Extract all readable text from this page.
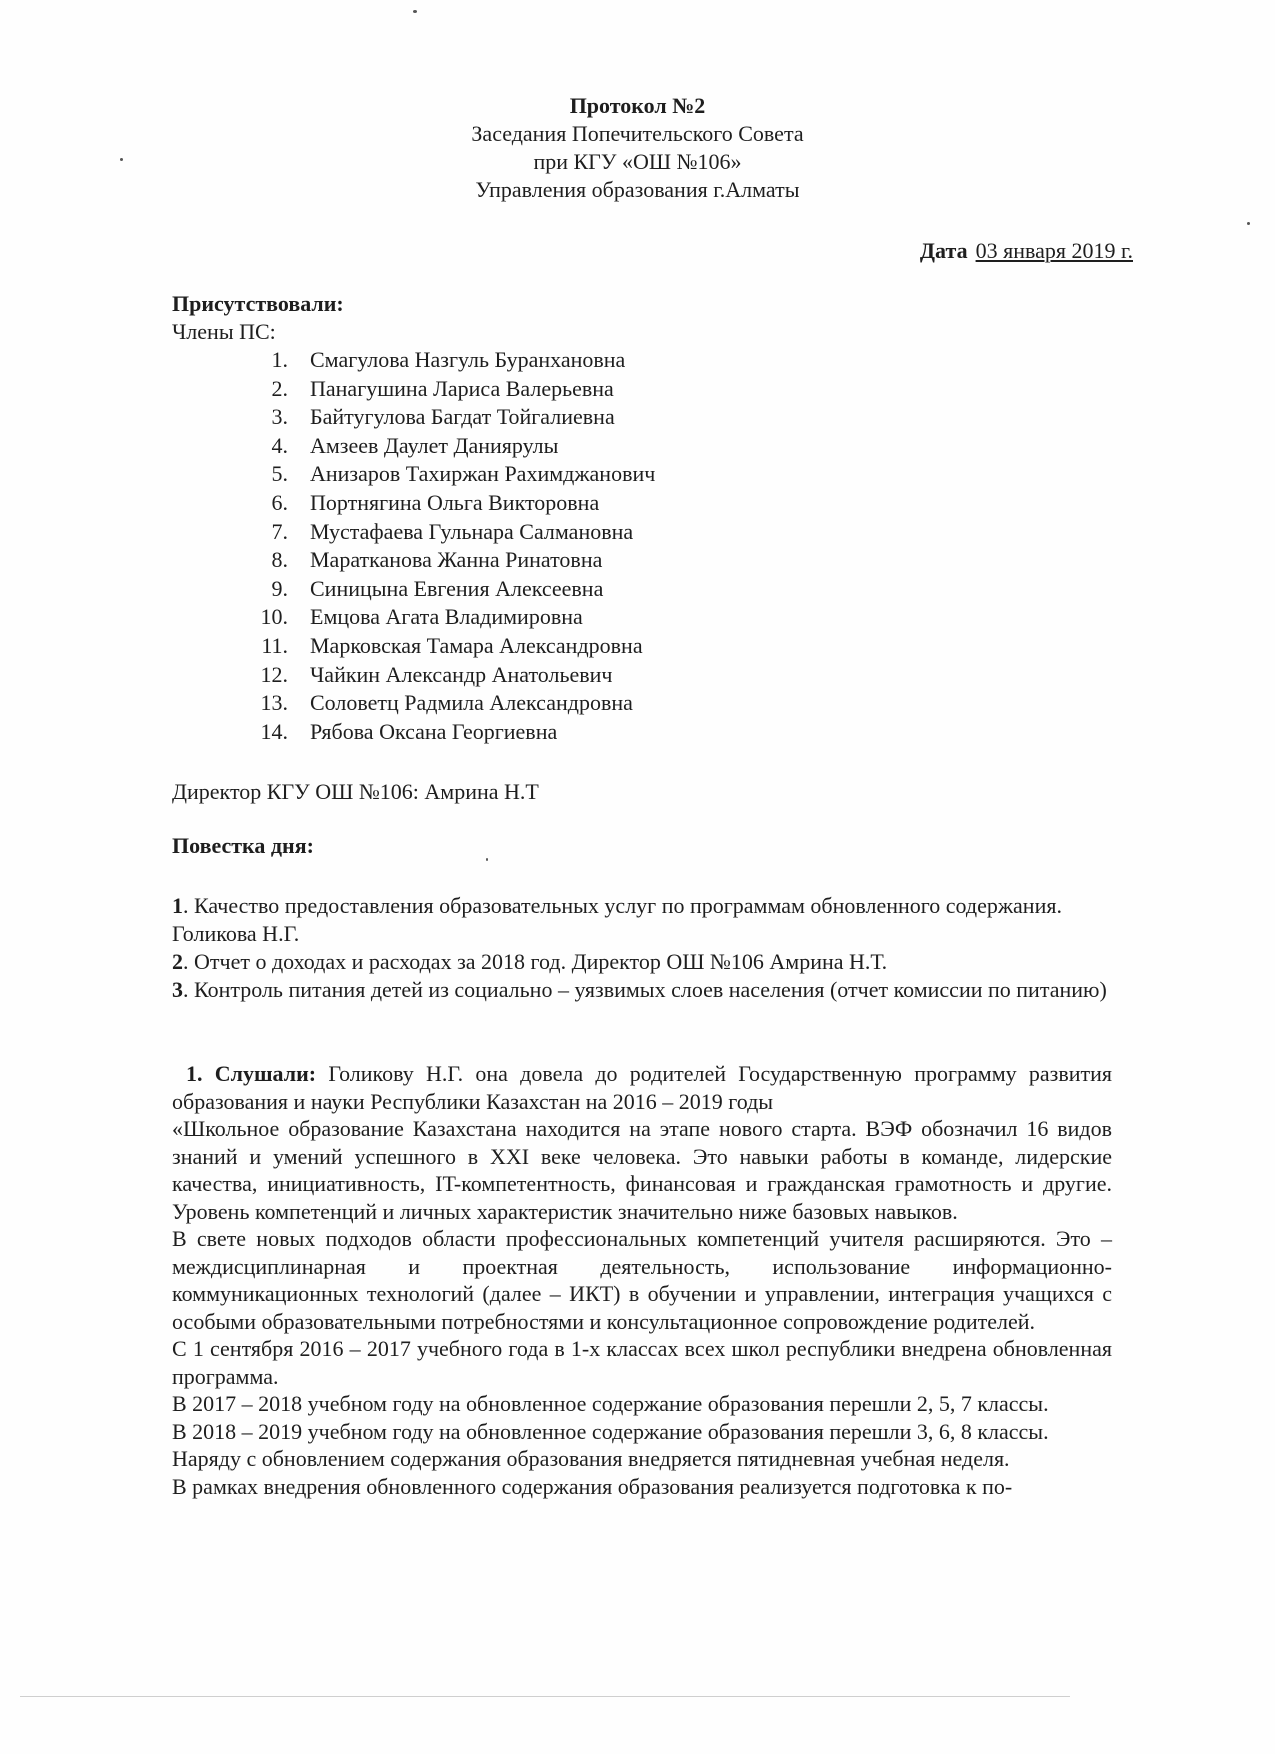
Протокол №2
Заседания Попечительского Совета
при КГУ «ОШ №106»
Управления образования г.Алматы
Дата 03 января 2019 г.
Присутствовали:
Члены ПС:
1.	Смагулова Назгуль Буранхановна
2.	Панагушина Лариса Валерьевна
3.	Байтугулова Багдат Тойгалиевна
4.	Амзеев Даулет Даниярулы
5.	Анизаров Тахиржан Рахимджанович
6.	Портнягина Ольга Викторовна
7.	Мустафаева Гульнара Салмановна
8.	Маратканова Жанна Ринатовна
9.	Синицына Евгения Алексеевна
10.	Емцова Агата Владимировна
11.	Марковская Тамара Александровна
12.	Чайкин Александр Анатольевич
13.	Соловетц Радмила Александровна
14.	Рябова Оксана Георгиевна
Директор КГУ ОШ №106: Амрина Н.Т
Повестка дня:

1. Качество предоставления образовательных услуг по программам обновленного содержания. Голикова Н.Г.

2. Отчет о доходах и расходах за 2018 год. Директор ОШ №106 Амрина Н.Т.

3. Контроль питания детей из социально – уязвимых слоев населения (отчет комиссии по питанию)

1. Слушали: Голикову Н.Г. она довела до родителей Государственную программу развития образования и науки Республики Казахстан на 2016 – 2019 годы

«Школьное образование Казахстана находится на этапе нового старта. ВЭФ обозначил 16 видов знаний и умений успешного в XXI веке человека. Это навыки работы в команде, лидерские качества, инициативность, IT-компетентность, финансовая и гражданская грамотность и другие. Уровень компетенций и личных характеристик значительно ниже базовых навыков.

В свете новых подходов области профессиональных компетенций учителя расширяются. Это – междисциплинарная и проектная деятельность, использование информационно-коммуникационных технологий (далее – ИКТ) в обучении и управлении, интеграция учащихся с особыми образовательными потребностями и консультационное сопровождение родителей.

С 1 сентября 2016 – 2017 учебного года в 1-х классах всех школ республики внедрена обновленная программа.

В 2017 – 2018 учебном году на обновленное содержание образования перешли 2, 5, 7 классы.

В 2018 – 2019 учебном году на обновленное содержание образования перешли 3, 6, 8 классы.

Наряду с обновлением содержания образования внедряется пятидневная учебная неделя.

В рамках внедрения обновленного содержания образования реализуется подготовка к по-
